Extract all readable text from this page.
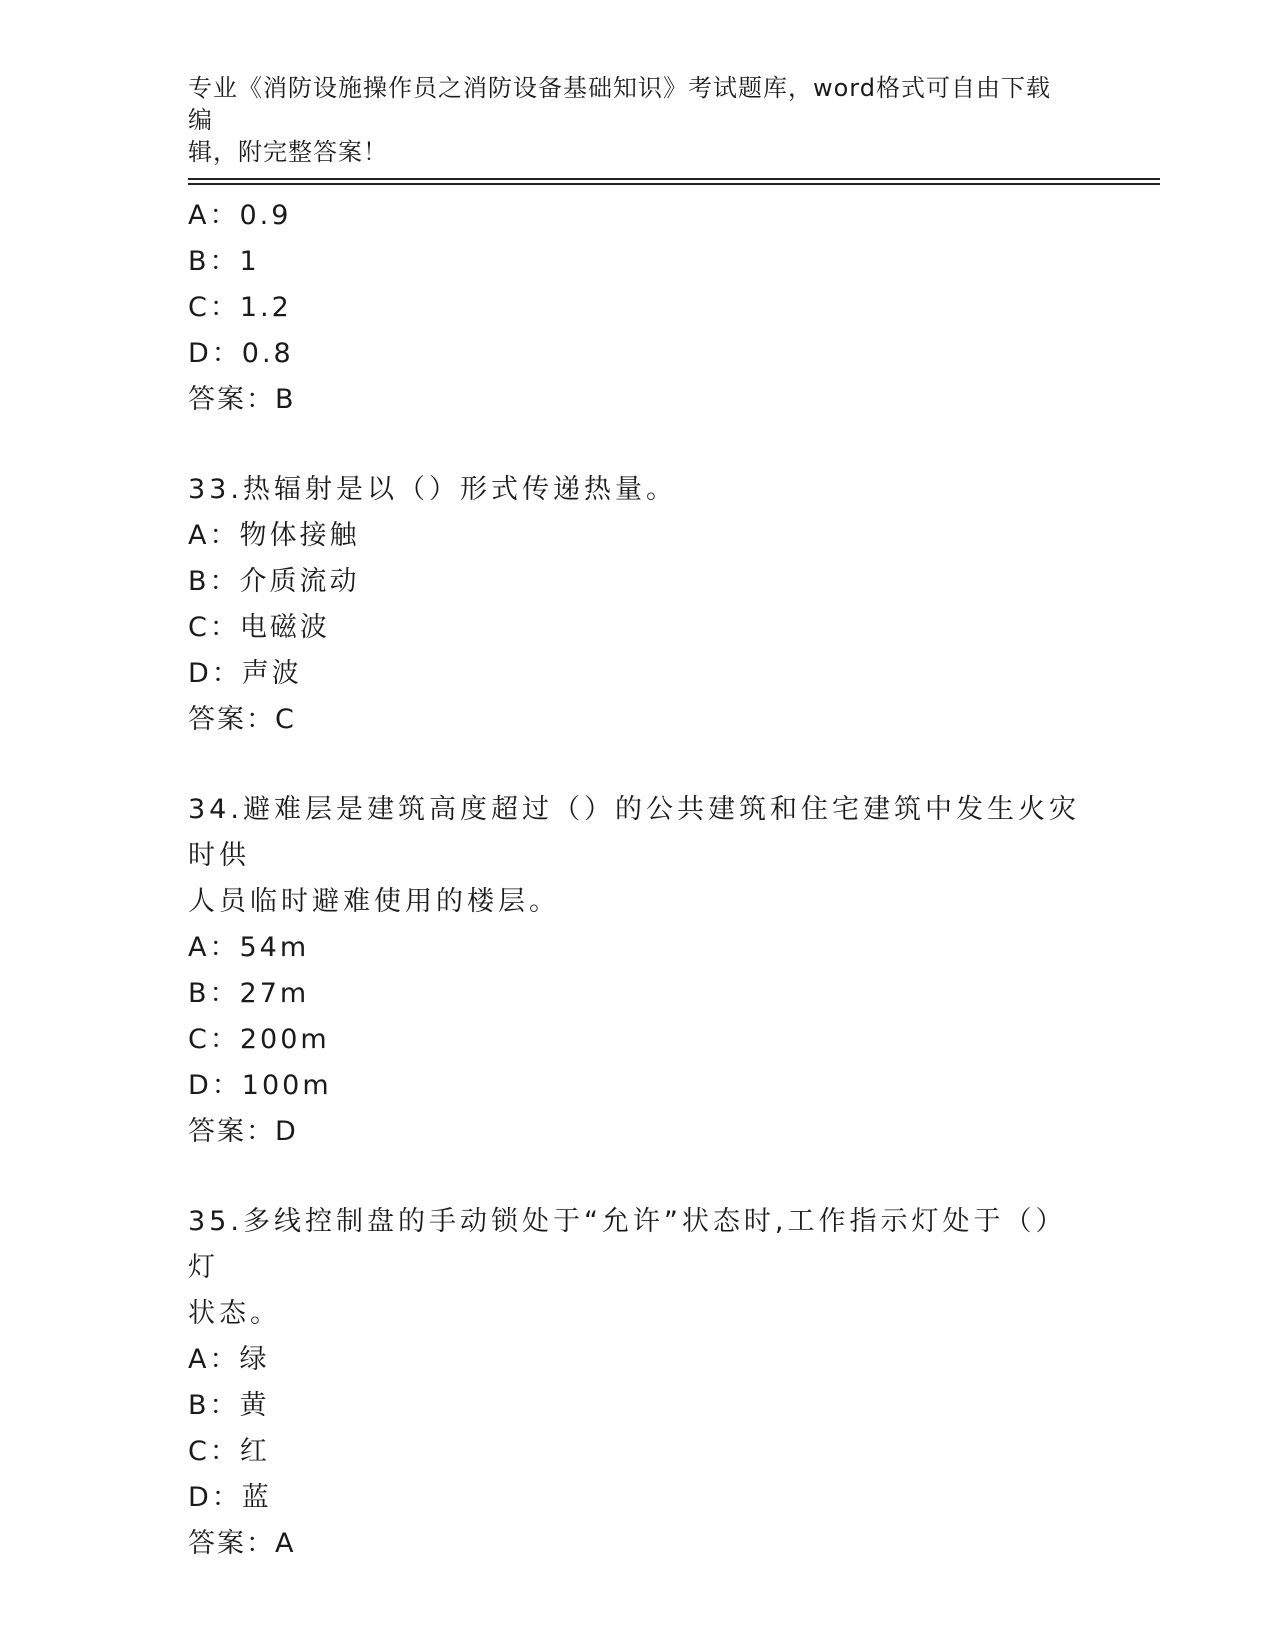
专业《消防设施操作员之消防设备基础知识》考试题库，word格式可自由下载编
辑，附完整答案！
A：0.9
B：1
C：1.2
D：0.8
答案：B
33.热辐射是以（）形式传递热量。
A：物体接触
B：介质流动
C：电磁波
D：声波
答案：C
34.避难层是建筑高度超过（）的公共建筑和住宅建筑中发生火灾时供
人员临时避难使用的楼层。
A：54m
B：27m
C：200m
D：100m
答案：D
35.多线控制盘的手动锁处于“允许”状态时,工作指示灯处于（）灯
状态。
A：绿
B：黄
C：红
D：蓝
答案：A
